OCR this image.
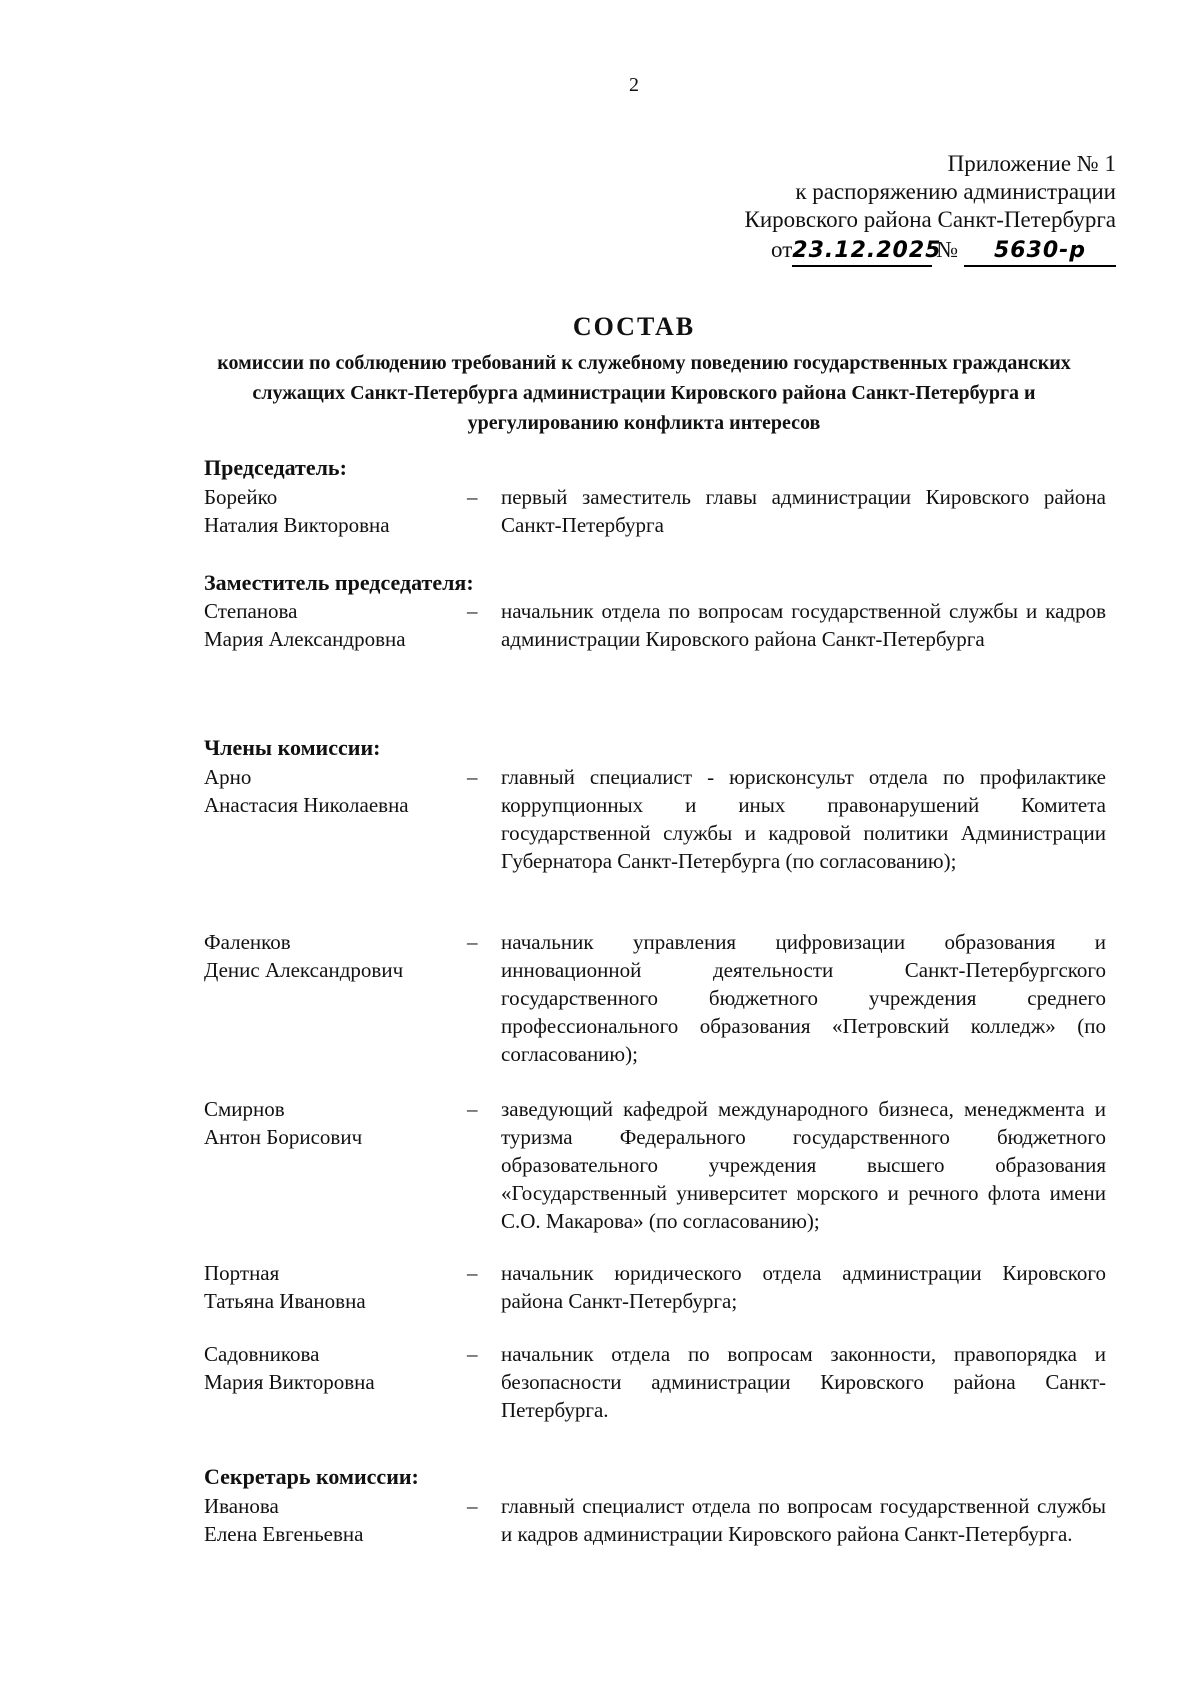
2
Приложение № 1
к распоряжению администрации
Кировского района Санкт-Петербурга
от23.12.2025№ 5630-р
СОСТАВ
комиссии по соблюдению требований к служебному поведению государственных гражданских служащих Санкт-Петербурга администрации Кировского района Санкт-Петербурга и урегулированию конфликта интересов
Председатель:
Борейко
Наталия Викторовна
– первый заместитель главы администрации Кировского района Санкт-Петербурга
Заместитель председателя:
Степанова
Мария Александровна
– начальник отдела по вопросам государственной службы и кадров администрации Кировского района Санкт-Петербурга
Члены комиссии:
Арно
Анастасия Николаевна
– главный специалист - юрисконсульт отдела по профилактике коррупционных и иных правонарушений Комитета государственной службы и кадровой политики Администрации Губернатора Санкт-Петербурга (по согласованию);
Фаленков
Денис Александрович
– начальник управления цифровизации образования и инновационной деятельности Санкт-Петербургского государственного бюджетного учреждения среднего профессионального образования «Петровский колледж» (по согласованию);
Смирнов
Антон Борисович
– заведующий кафедрой международного бизнеса, менеджмента и туризма Федерального государственного бюджетного образовательного учреждения высшего образования «Государственный университет морского и речного флота имени С.О. Макарова» (по согласованию);
Портная
Татьяна Ивановна
– начальник юридического отдела администрации Кировского района Санкт-Петербурга;
Садовникова
Мария Викторовна
– начальник отдела по вопросам законности, правопорядка и безопасности администрации Кировского района Санкт-Петербурга.
Секретарь комиссии:
Иванова
Елена Евгеньевна
– главный специалист отдела по вопросам государственной службы и кадров администрации Кировского района Санкт-Петербурга.
